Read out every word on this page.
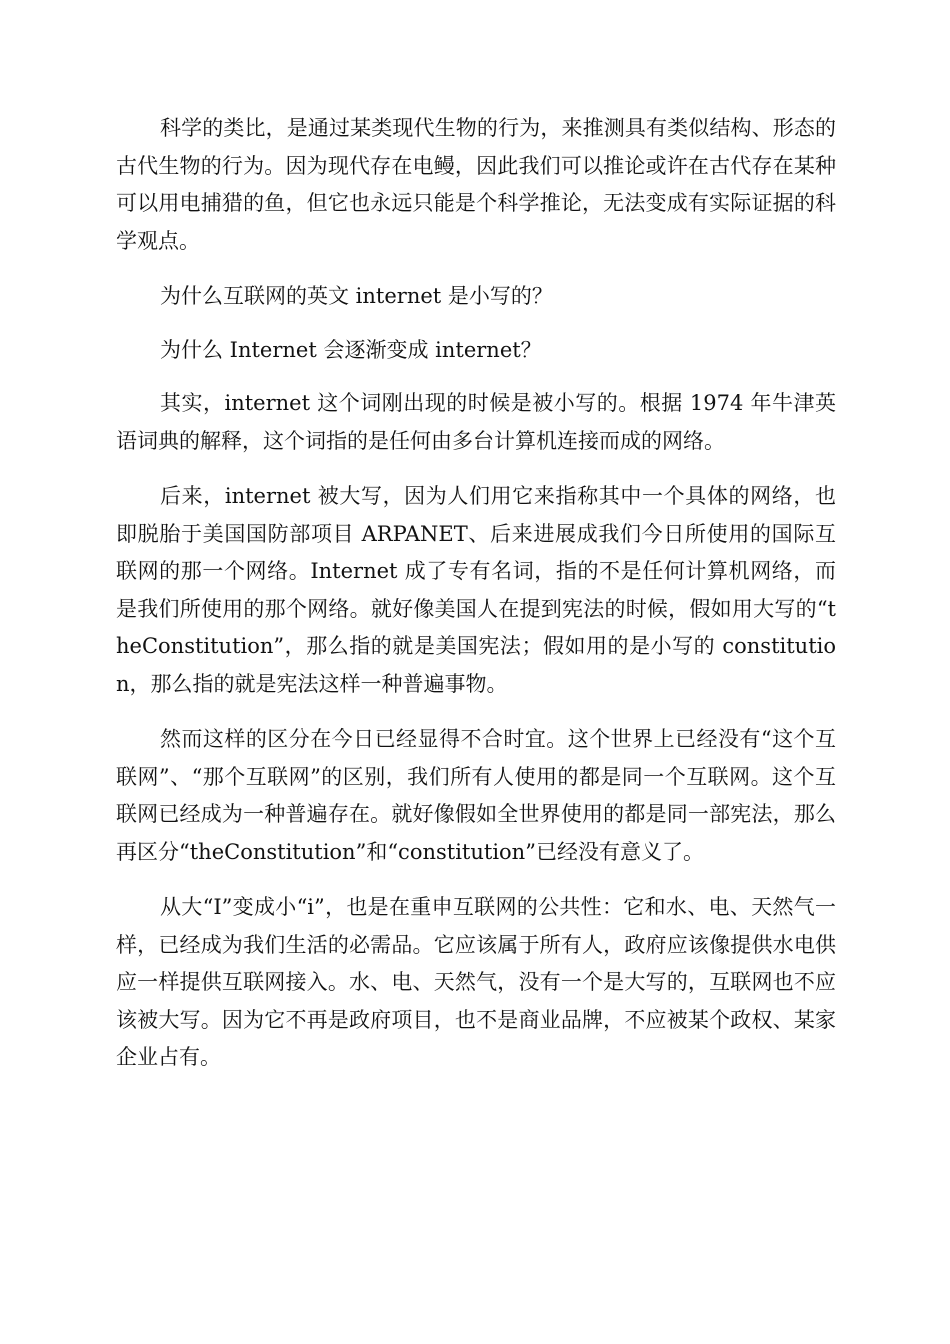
科学的类比，是通过某类现代生物的行为，来推测具有类似结构、形态的古代生物的行为。因为现代存在电鳗，因此我们可以推论或许在古代存在某种可以用电捕猎的鱼，但它也永远只能是个科学推论，无法变成有实际证据的科学观点。

为什么互联网的英文 internet 是小写的？

为什么 Internet 会逐渐变成 internet？

其实，internet 这个词刚出现的时候是被小写的。根据 1974 年牛津英语词典的解释，这个词指的是任何由多台计算机连接而成的网络。

后来，internet 被大写，因为人们用它来指称其中一个具体的网络，也即脱胎于美国国防部项目 ARPANET、后来进展成我们今日所使用的国际互联网的那一个网络。Internet 成了专有名词，指的不是任何计算机网络，而是我们所使用的那个网络。就好像美国人在提到宪法的时候，假如用大写的“theConstitution”，那么指的就是美国宪法；假如用的是小写的 constitution，那么指的就是宪法这样一种普遍事物。

然而这样的区分在今日已经显得不合时宜。这个世界上已经没有“这个互联网”、“那个互联网”的区别，我们所有人使用的都是同一个互联网。这个互联网已经成为一种普遍存在。就好像假如全世界使用的都是同一部宪法，那么再区分“theConstitution”和“constitution”已经没有意义了。

从大“I”变成小“i”，也是在重申互联网的公共性：它和水、电、天然气一样，已经成为我们生活的必需品。它应该属于所有人，政府应该像提供水电供应一样提供互联网接入。水、电、天然气，没有一个是大写的，互联网也不应该被大写。因为它不再是政府项目，也不是商业品牌，不应被某个政权、某家企业占有。
